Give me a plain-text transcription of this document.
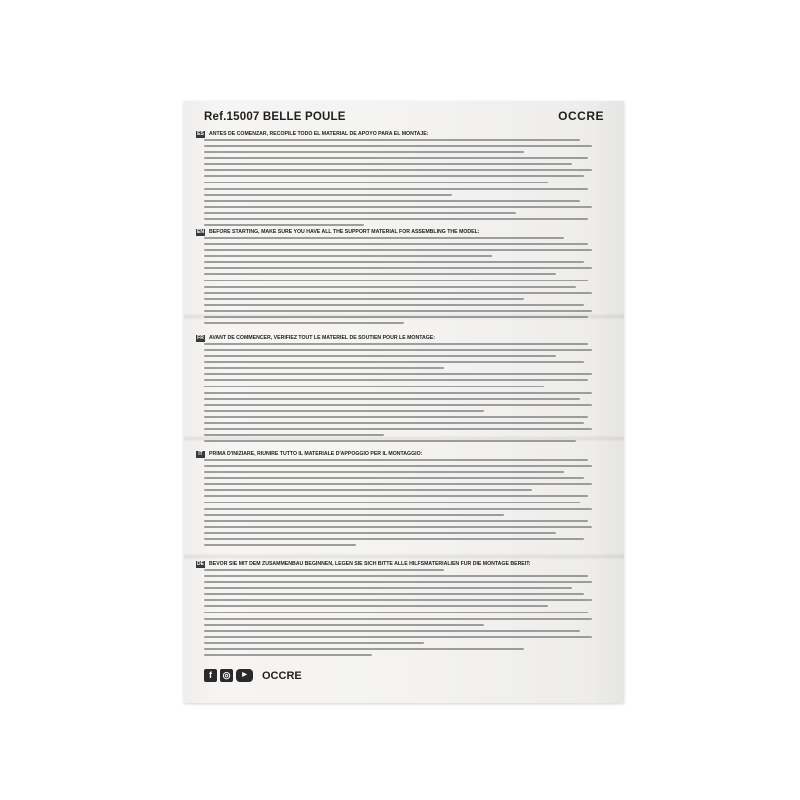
Ref.15007 BELLE POULE	OCCRE
ES ANTES DE COMENZAR, RECOPILE TODO EL MATERIAL DE APOYO PARA EL MONTAJE:
EN BEFORE STARTING, MAKE SURE YOU HAVE ALL THE SUPPORT MATERIAL FOR ASSEMBLING THE MODEL:
FR AVANT DE COMMENCER, VÉRIFIEZ TOUT LE MATÉRIEL DE SOUTIEN POUR LE MONTAGE:
IT	PRIMA D'INIZIARE, RIUNIRE TUTTO IL MATERIALE D'APPOGGIO PER IL MONTAGGIO:
DE BEVOR SIE MIT DEM ZUSAMMENBAU BEGINNEN, LEGEN SIE SICH BITTE ALLE HILFSMATERIALIEN FÜR DIE MONTAGE BEREIT:
f ◎ ▶ OCCRE
